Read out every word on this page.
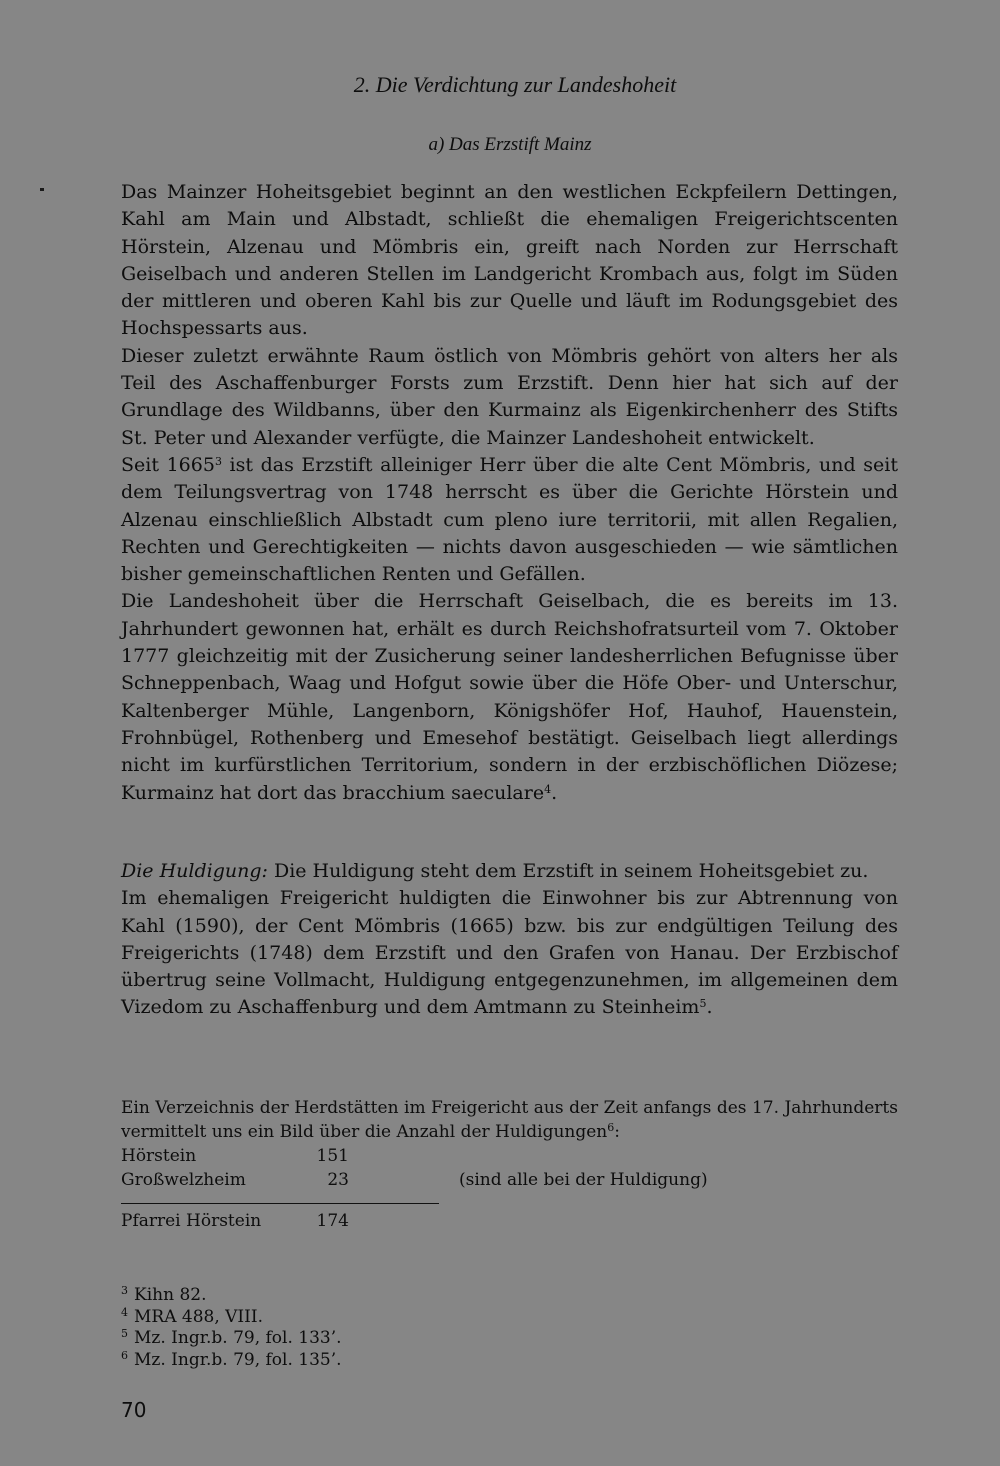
2. Die Verdichtung zur Landeshoheit
a) Das Erzstift Mainz

Das Mainzer Hoheitsgebiet beginnt an den westlichen Eckpfeilern Dettingen, Kahl am Main und Albstadt, schließt die ehemaligen Freigerichtscenten Hörstein, Alzenau und Mömbris ein, greift nach Norden zur Herrschaft Geiselbach und anderen Stellen im Landgericht Krombach aus, folgt im Süden der mittleren und oberen Kahl bis zur Quelle und läuft im Rodungsgebiet des Hochspessarts aus.

Dieser zuletzt erwähnte Raum östlich von Mömbris gehört von alters her als Teil des Aschaffenburger Forsts zum Erzstift. Denn hier hat sich auf der Grundlage des Wildbanns, über den Kurmainz als Eigenkirchenherr des Stifts St. Peter und Alexander verfügte, die Mainzer Landeshoheit entwickelt.

Seit 1665$^3$ ist das Erzstift alleiniger Herr über die alte Cent Mömbris, und seit dem Teilungsvertrag von 1748 herrscht es über die Gerichte Hörstein und Alzenau einschließlich Albstadt cum pleno iure territorii, mit allen Regalien, Rechten und Gerechtigkeiten — nichts davon ausgeschieden — wie sämtlichen bisher gemeinschaftlichen Renten und Gefällen.

Die Landeshoheit über die Herrschaft Geiselbach, die es bereits im 13. Jahrhundert gewonnen hat, erhält es durch Reichshofratsurteil vom 7. Oktober 1777 gleichzeitig mit der Zusicherung seiner landesherrlichen Befugnisse über Schneppenbach, Waag und Hofgut sowie über die Höfe Ober- und Unterschur, Kaltenberger Mühle, Langenborn, Königshöfer Hof, Hauhof, Hauenstein, Frohnbügel, Rothenberg und Emesehof bestätigt. Geiselbach liegt allerdings nicht im kurfürstlichen Territorium, sondern in der erzbischöflichen Diözese; Kurmainz hat dort das bracchium saeculare$^4$.

Die Huldigung: Die Huldigung steht dem Erzstift in seinem Hoheitsgebiet zu.

Im ehemaligen Freigericht huldigten die Einwohner bis zur Abtrennung von Kahl (1590), der Cent Mömbris (1665) bzw. bis zur endgültigen Teilung des Freigerichts (1748) dem Erzstift und den Grafen von Hanau. Der Erzbischof übertrug seine Vollmacht, Huldigung entgegenzunehmen, im allgemeinen dem Vizedom zu Aschaffenburg und dem Amtmann zu Steinheim$^5$.

Ein Verzeichnis der Herdstätten im Freigericht aus der Zeit anfangs des 17. Jahrhunderts vermittelt uns ein Bild über die Anzahl der Huldigungen$^6$:
Hörstein	151
Großwelzheim	23	(sind alle bei der Huldigung)
Pfarrei Hörstein	174
$^3$ Kihn 82.
$^4$ MRA 488, VIII.
$^5$ Mz. Ingr.b. 79, fol. 133’.
$^6$ Mz. Ingr.b. 79, fol. 135’.
70
